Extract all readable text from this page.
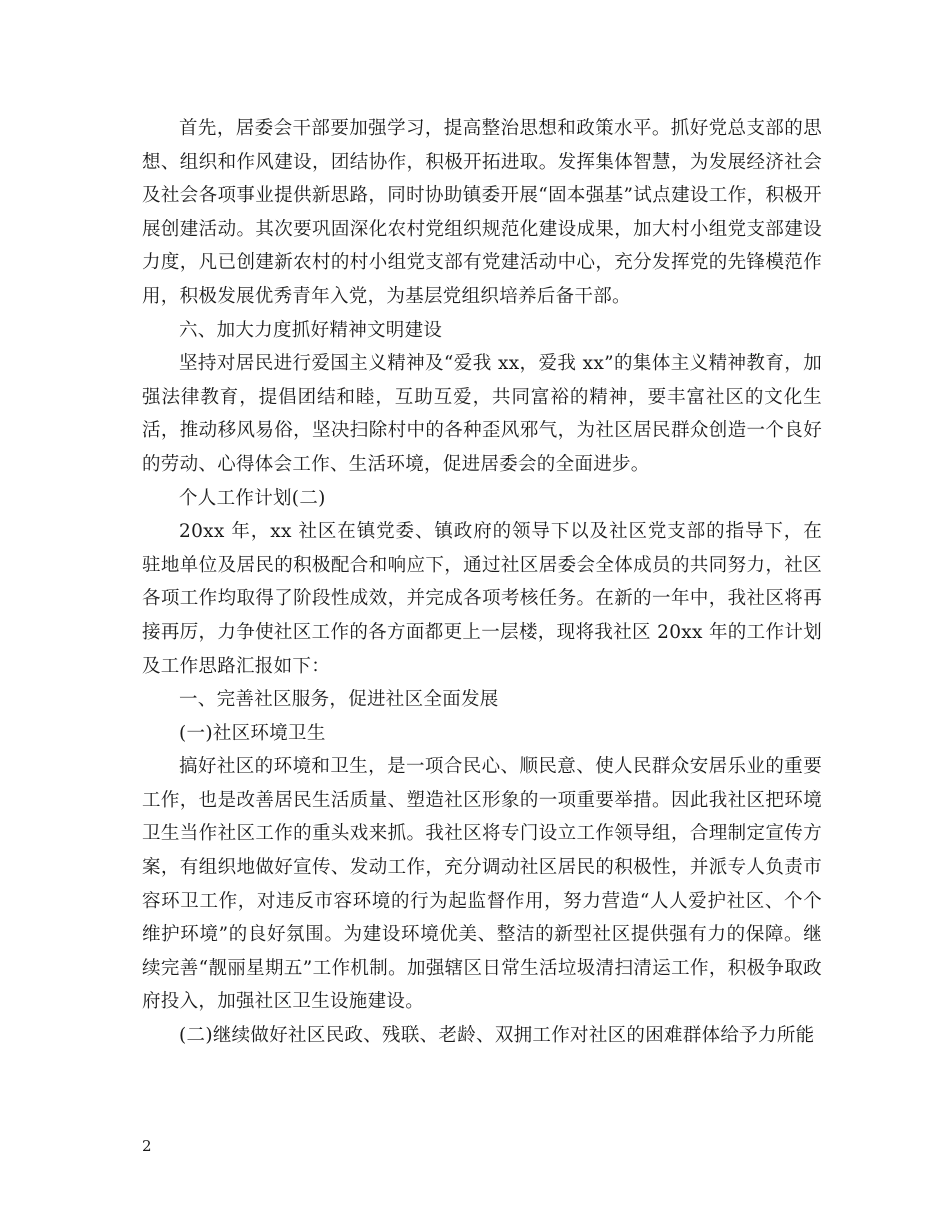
首先，居委会干部要加强学习，提高整治思想和政策水平。抓好党总支部的思想、组织和作风建设，团结协作，积极开拓进取。发挥集体智慧，为发展经济社会及社会各项事业提供新思路，同时协助镇委开展“固本强基”试点建设工作，积极开展创建活动。其次要巩固深化农村党组织规范化建设成果，加大村小组党支部建设力度，凡已创建新农村的村小组党支部有党建活动中心，充分发挥党的先锋模范作用，积极发展优秀青年入党，为基层党组织培养后备干部。

六、加大力度抓好精神文明建设

坚持对居民进行爱国主义精神及“爱我 xx，爱我 xx”的集体主义精神教育，加强法律教育，提倡团结和睦，互助互爱，共同富裕的精神，要丰富社区的文化生活，推动移风易俗，坚决扫除村中的各种歪风邪气，为社区居民群众创造一个良好的劳动、心得体会工作、生活环境，促进居委会的全面进步。

个人工作计划(二)

20xx 年，xx 社区在镇党委、镇政府的领导下以及社区党支部的指导下，在驻地单位及居民的积极配合和响应下，通过社区居委会全体成员的共同努力，社区各项工作均取得了阶段性成效，并完成各项考核任务。在新的一年中，我社区将再接再厉，力争使社区工作的各方面都更上一层楼，现将我社区 20xx 年的工作计划及工作思路汇报如下：

一、完善社区服务，促进社区全面发展

(一)社区环境卫生

搞好社区的环境和卫生，是一项合民心、顺民意、使人民群众安居乐业的重要工作，也是改善居民生活质量、塑造社区形象的一项重要举措。因此我社区把环境卫生当作社区工作的重头戏来抓。我社区将专门设立工作领导组，合理制定宣传方案，有组织地做好宣传、发动工作，充分调动社区居民的积极性，并派专人负责市容环卫工作，对违反市容环境的行为起监督作用，努力营造“人人爱护社区、个个维护环境”的良好氛围。为建设环境优美、整洁的新型社区提供强有力的保障。继续完善“靓丽星期五”工作机制。加强辖区日常生活垃圾清扫清运工作，积极争取政府投入，加强社区卫生设施建设。

(二)继续做好社区民政、残联、老龄、双拥工作对社区的困难群体给予力所能

2
